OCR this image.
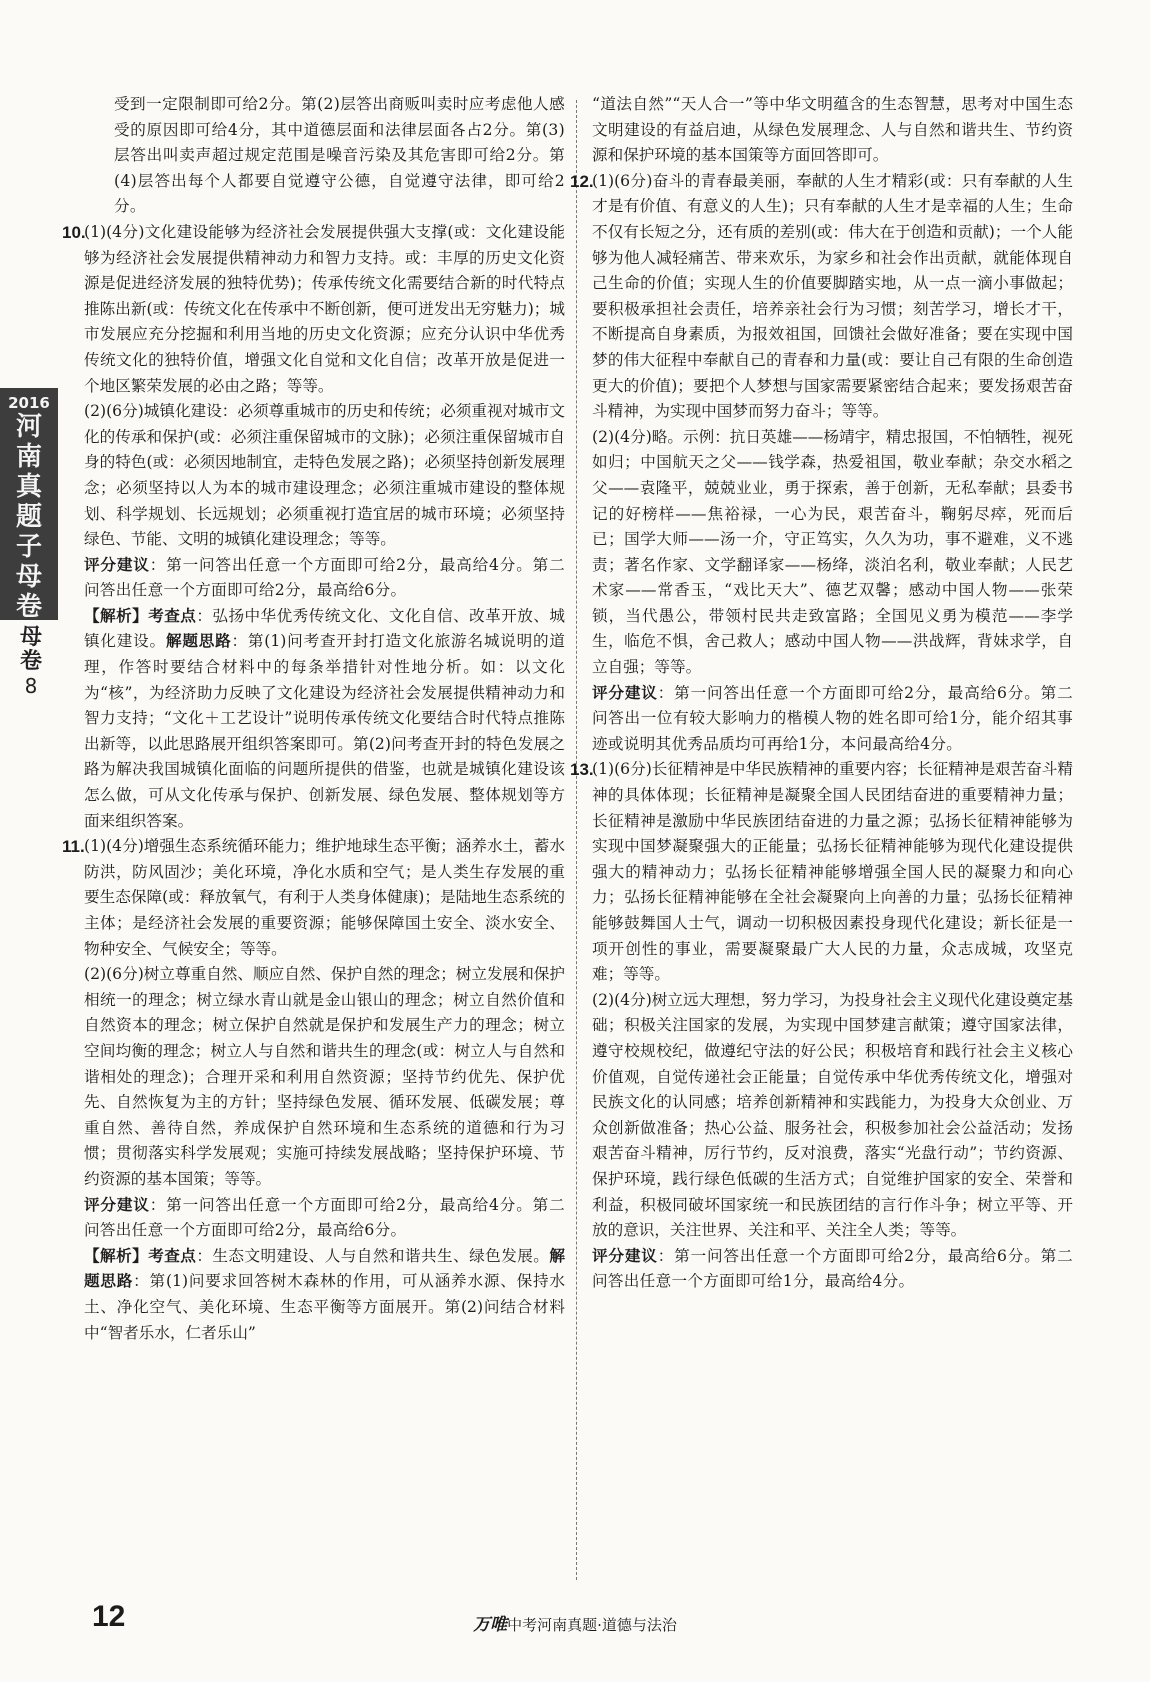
2016
河
南
真
题
子
母
卷
母
卷
8

受到一定限制即可给2分。第(2)层答出商贩叫卖时应考虑他人感受的原因即可给4分，其中道德层面和法律层面各占2分。第(3)层答出叫卖声超过规定范围是噪音污染及其危害即可给2分。第(4)层答出每个人都要自觉遵守公德，自觉遵守法律，即可给2分。

10.

(1)(4分)文化建设能够为经济社会发展提供强大支撑(或：文化建设能够为经济社会发展提供精神动力和智力支持。或：丰厚的历史文化资源是促进经济发展的独特优势)；传承传统文化需要结合新的时代特点推陈出新(或：传统文化在传承中不断创新，便可迸发出无穷魅力)；城市发展应充分挖掘和利用当地的历史文化资源；应充分认识中华优秀传统文化的独特价值，增强文化自觉和文化自信；改革开放是促进一个地区繁荣发展的必由之路；等等。

(2)(6分)城镇化建设：必须尊重城市的历史和传统；必须重视对城市文化的传承和保护(或：必须注重保留城市的文脉)；必须注重保留城市自身的特色(或：必须因地制宜，走特色发展之路)；必须坚持创新发展理念；必须坚持以人为本的城市建设理念；必须注重城市建设的整体规划、科学规划、长远规划；必须重视打造宜居的城市环境；必须坚持绿色、节能、文明的城镇化建设理念；等等。

评分建议：第一问答出任意一个方面即可给2分，最高给4分。第二问答出任意一个方面即可给2分，最高给6分。

【解析】考查点：弘扬中华优秀传统文化、文化自信、改革开放、城镇化建设。解题思路：第(1)问考查开封打造文化旅游名城说明的道理，作答时要结合材料中的每条举措针对性地分析。如：以文化为“核”，为经济助力反映了文化建设为经济社会发展提供精神动力和智力支持；“文化＋工艺设计”说明传承传统文化要结合时代特点推陈出新等，以此思路展开组织答案即可。第(2)问考查开封的特色发展之路为解决我国城镇化面临的问题所提供的借鉴，也就是城镇化建设该怎么做，可从文化传承与保护、创新发展、绿色发展、整体规划等方面来组织答案。

11. (1)(4分)增强生态系统循环能力；维护地球生态平衡；涵养水土，蓄水防洪，防风固沙；美化环境，净化水质和空气；是人类生存发展的重要生态保障(或：释放氧气，有利于人类身体健康)；是陆地生态系统的主体；是经济社会发展的重要资源；能够保障国土安全、淡水安全、物种安全、气候安全；等等。

(2)(6分)树立尊重自然、顺应自然、保护自然的理念；树立发展和保护相统一的理念；树立绿水青山就是金山银山的理念；树立自然价值和自然资本的理念；树立保护自然就是保护和发展生产力的理念；树立空间均衡的理念；树立人与自然和谐共生的理念(或：树立人与自然和谐相处的理念)；合理开采和利用自然资源；坚持节约优先、保护优先、自然恢复为主的方针；坚持绿色发展、循环发展、低碳发展；尊重自然、善待自然，养成保护自然环境和生态系统的道德和行为习惯；贯彻落实科学发展观；实施可持续发展战略；坚持保护环境、节约资源的基本国策；等等。

评分建议：第一问答出任意一个方面即可给2分，最高给4分。第二问答出任意一个方面即可给2分，最高给6分。

【解析】考查点：生态文明建设、人与自然和谐共生、绿色发展。解题思路：第(1)问要求回答树木森林的作用，可从涵养水源、保持水土、净化空气、美化环境、生态平衡等方面展开。第(2)问结合材料中“智者乐水，仁者乐山”

“道法自然”“天人合一”等中华文明蕴含的生态智慧，思考对中国生态文明建设的有益启迪，从绿色发展理念、人与自然和谐共生、节约资源和保护环境的基本国策等方面回答即可。

12.

(1)(6分)奋斗的青春最美丽，奉献的人生才精彩(或：只有奉献的人生才是有价值、有意义的人生)；只有奉献的人生才是幸福的人生；生命不仅有长短之分，还有质的差别(或：伟大在于创造和贡献)；一个人能够为他人减轻痛苦、带来欢乐，为家乡和社会作出贡献，就能体现自己生命的价值；实现人生的价值要脚踏实地，从一点一滴小事做起；要积极承担社会责任，培养亲社会行为习惯；刻苦学习，增长才干，不断提高自身素质，为报效祖国，回馈社会做好准备；要在实现中国梦的伟大征程中奉献自己的青春和力量(或：要让自己有限的生命创造更大的价值)；要把个人梦想与国家需要紧密结合起来；要发扬艰苦奋斗精神，为实现中国梦而努力奋斗；等等。

(2)(4分)略。示例：抗日英雄——杨靖宇，精忠报国，不怕牺牲，视死如归；中国航天之父——钱学森，热爱祖国，敬业奉献；杂交水稻之父——袁隆平，兢兢业业，勇于探索，善于创新，无私奉献；县委书记的好榜样——焦裕禄，一心为民，艰苦奋斗，鞠躬尽瘁，死而后已；国学大师——汤一介，守正笃实，久久为功，事不避难，义不逃责；著名作家、文学翻译家——杨绛，淡泊名利，敬业奉献；人民艺术家——常香玉，“戏比天大”、德艺双馨；感动中国人物——张荣锁，当代愚公，带领村民共走致富路；全国见义勇为模范——李学生，临危不惧，舍己救人；感动中国人物——洪战辉，背妹求学，自立自强；等等。

评分建议：第一问答出任意一个方面即可给2分，最高给6分。第二问答出一位有较大影响力的楷模人物的姓名即可给1分，能介绍其事迹或说明其优秀品质均可再给1分，本问最高给4分。

13.

(1)(6分)长征精神是中华民族精神的重要内容；长征精神是艰苦奋斗精神的具体体现；长征精神是凝聚全国人民团结奋进的重要精神力量；长征精神是激励中华民族团结奋进的力量之源；弘扬长征精神能够为实现中国梦凝聚强大的正能量；弘扬长征精神能够为现代化建设提供强大的精神动力；弘扬长征精神能够增强全国人民的凝聚力和向心力；弘扬长征精神能够在全社会凝聚向上向善的力量；弘扬长征精神能够鼓舞国人士气，调动一切积极因素投身现代化建设；新长征是一项开创性的事业，需要凝聚最广大人民的力量，众志成城，攻坚克难；等等。

(2)(4分)树立远大理想，努力学习，为投身社会主义现代化建设奠定基础；积极关注国家的发展，为实现中国梦建言献策；遵守国家法律，遵守校规校纪，做遵纪守法的好公民；积极培育和践行社会主义核心价值观，自觉传递社会正能量；自觉传承中华优秀传统文化，增强对民族文化的认同感；培养创新精神和实践能力，为投身大众创业、万众创新做准备；热心公益、服务社会，积极参加社会公益活动；发扬艰苦奋斗精神，厉行节约，反对浪费，落实“光盘行动”；节约资源、保护环境，践行绿色低碳的生活方式；自觉维护国家的安全、荣誉和利益，积极同破坏国家统一和民族团结的言行作斗争；树立平等、开放的意识，关注世界、关注和平、关注全人类；等等。

评分建议：第一问答出任意一个方面即可给2分，最高给6分。第二问答出任意一个方面即可给1分，最高给4分。

12	万唯中考河南真题·道德与法治
